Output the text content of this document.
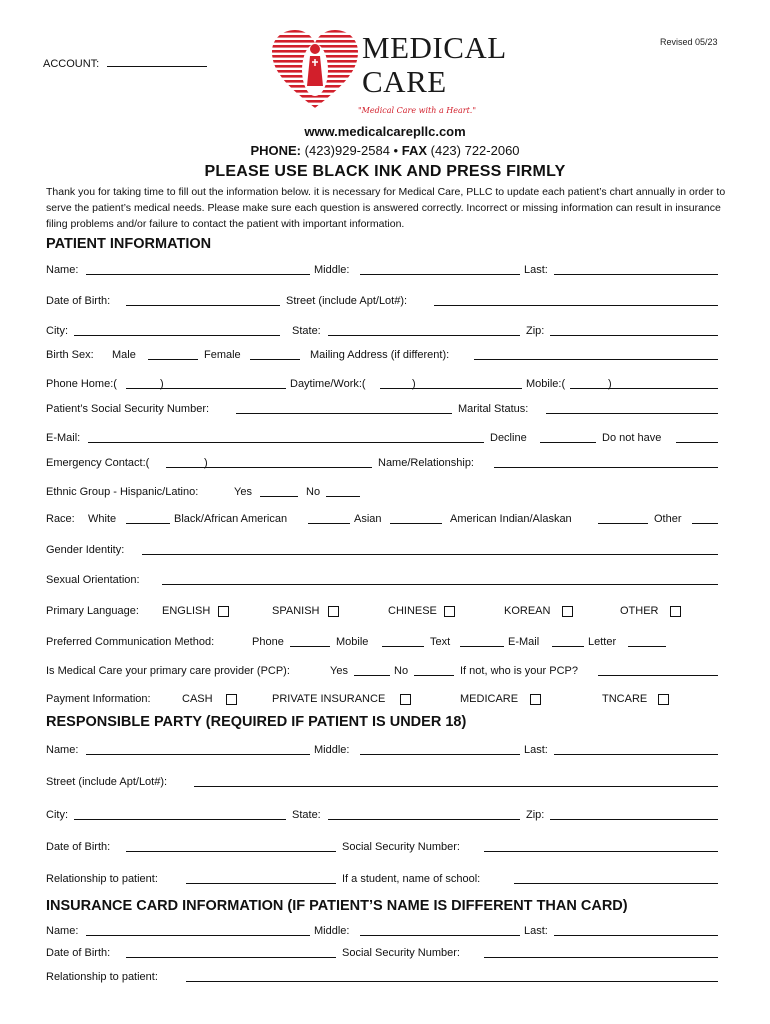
Revised 05/23
ACCOUNT:	MEDICAL
CARE
"Medical Care with a Heart."
www.medicalcarepllc.com
PHONE: (423)929-2584 • FAX (423) 722-2060
PLEASE USE BLACK INK AND PRESS FIRMLY
Thank you for taking time to fill out the information below. it is necessary for Medical Care, PLLC to update each patient’s chart annually in order to serve the patient’s medical needs. Please make sure each question is answered correctly. Incorrect or missing information can result in insurance filing problems and/or failure to contact the patient with important information.
PATIENT INFORMATION
Name:	Middle:	Last:
Date of Birth:	Street (include Apt/Lot#):
City:	State:	Zip:
Birth Sex: Male	Female	Mailing Address (if different):
Phone Home:(	)	Daytime/Work:(	)	Mobile:(	)
Patient’s Social Security Number:	Marital Status:
E-Mail:	Decline	Do not have
Emergency Contact:(	)	Name/Relationship:
Ethnic Group - Hispanic/Latino:	Yes	No
Race: White	Black/African American	Asian	American Indian/Alaskan	Other
Gender Identity:
Sexual Orientation:
Primary Language: ENGLISH	SPANISH	CHINESE	KOREAN	OTHER
Preferred Communication Method:	Phone	Mobile	Text	E-Mail	Letter
Is Medical Care your primary care provider (PCP):	Yes	No	If not, who is your PCP?
Payment Information:	CASH	PRIVATE INSURANCE	MEDICARE	TNCARE
RESPONSIBLE PARTY (REQUIRED IF PATIENT IS UNDER 18)
Name:	Middle:	Last:
Street (include Apt/Lot#):
City:	State:	Zip:
Date of Birth:	Social Security Number:
Relationship to patient:	If a student, name of school:
INSURANCE CARD INFORMATION (IF PATIENT’S NAME IS DIFFERENT THAN CARD)
Name:	Middle:	Last:
Date of Birth:	Social Security Number:
Relationship to patient:
